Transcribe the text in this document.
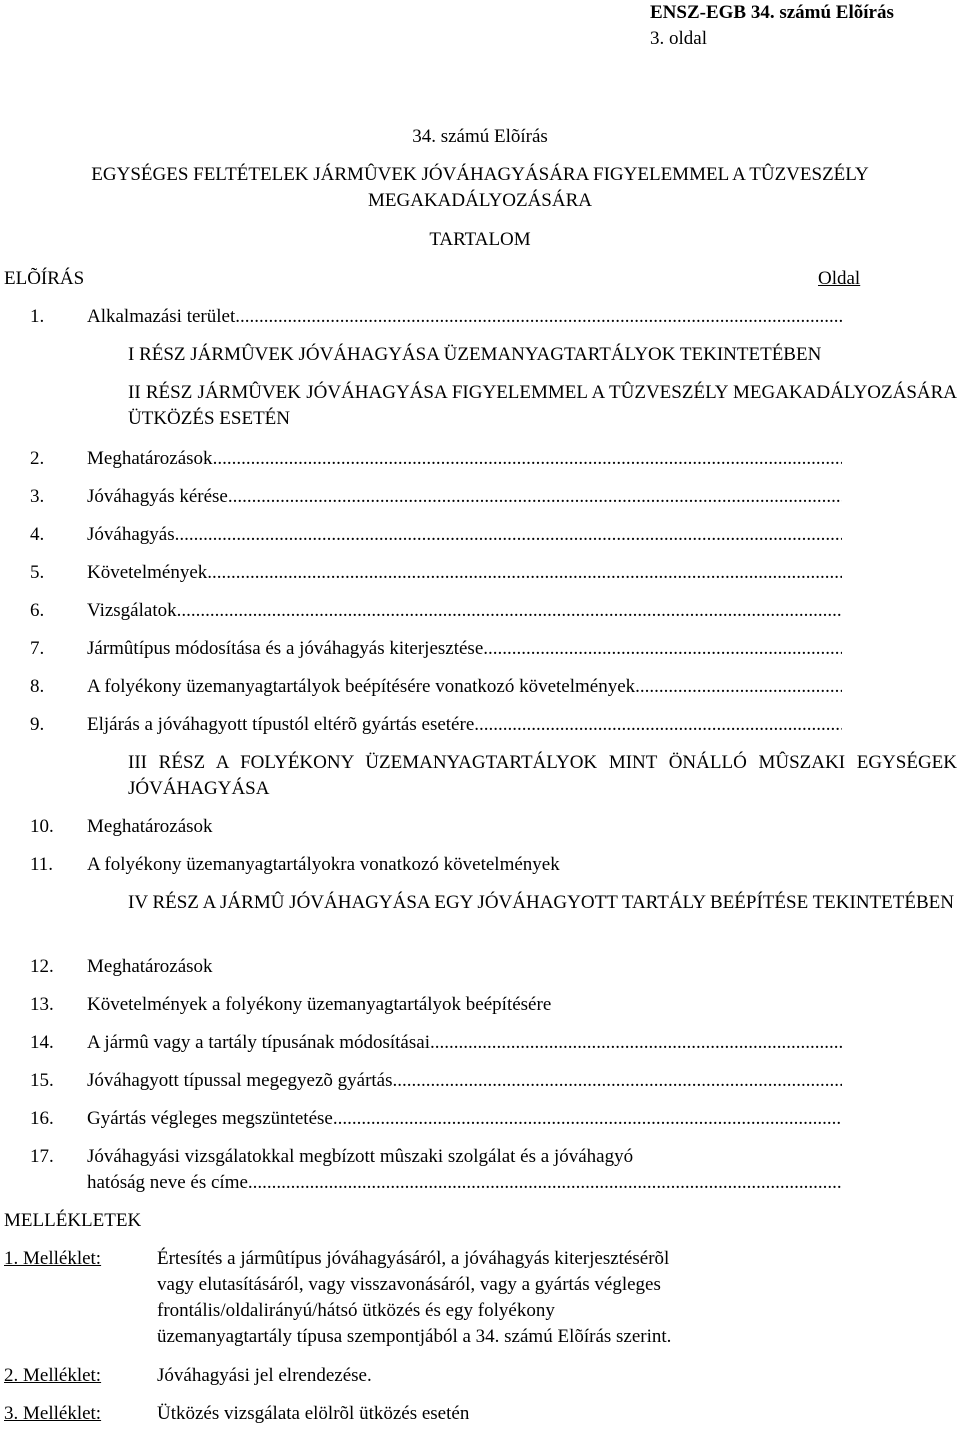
ENSZ-EGB 34. számú Elõírás
3. oldal
34. számú Elõírás
EGYSÉGES FELTÉTELEK JÁRMÛVEK JÓVÁHAGYÁSÁRA FIGYELEMMEL A TÛZVESZÉLY
MEGAKADÁLYOZÁSÁRA
TARTALOM
ELÕÍRÁS	Oldal
1.	Alkalmazási terület
.....
I RÉSZ JÁRMÛVEK JÓVÁHAGYÁSA ÜZEMANYAGTARTÁLYOK TEKINTETÉBEN
II RÉSZ JÁRMÛVEK JÓVÁHAGYÁSA FIGYELEMMEL A TÛZVESZÉLY MEGAKADÁLYOZÁSÁRA ÜTKÖZÉS ESETÉN
2.	Meghatározások
.....
3.	Jóváhagyás kérése
.....
4.	Jóváhagyás
.....
5.	Követelmények
.....
6.	Vizsgálatok
.....
7.	Jármûtípus módosítása és a jóváhagyás kiterjesztése
.....
8.	A folyékony üzemanyagtartályok beépítésére vonatkozó követelmények
.....
9.	Eljárás a jóváhagyott típustól eltérõ gyártás esetére
.....
III RÉSZ A FOLYÉKONY ÜZEMANYAGTARTÁLYOK MINT ÖNÁLLÓ MÛSZAKI EGYSÉGEK JÓVÁHAGYÁSA
10. Meghatározások
11. A folyékony üzemanyagtartályokra vonatkozó követelmények
IV RÉSZ A JÁRMÛ JÓVÁHAGYÁSA EGY JÓVÁHAGYOTT TARTÁLY BEÉPÍTÉSE TEKINTETÉBEN
12. Meghatározások
13. Követelmények a folyékony üzemanyagtartályok beépítésére
14.	A jármû vagy a tartály típusának módosításai
.....
15.	Jóváhagyott típussal megegyezõ gyártás
.....
16.	Gyártás végleges megszüntetése
.....
17. Jóváhagyási vizsgálatokkal megbízott mûszaki szolgálat és a jóváhagyó
hatóság neve és címe
.....
MELLÉKLETEK
1. Melléklet:	Értesítés a jármûtípus jóváhagyásáról, a jóváhagyás kiterjesztésérõl
vagy elutasításáról, vagy visszavonásáról, vagy a gyártás végleges
frontális/oldalirányú/hátsó ütközés és egy folyékony
üzemanyagtartály típusa szempontjából a 34. számú Elõírás szerint.
2. Melléklet:	Jóváhagyási jel elrendezése.
3. Melléklet:	Ütközés vizsgálata elölrõl ütközés esetén
